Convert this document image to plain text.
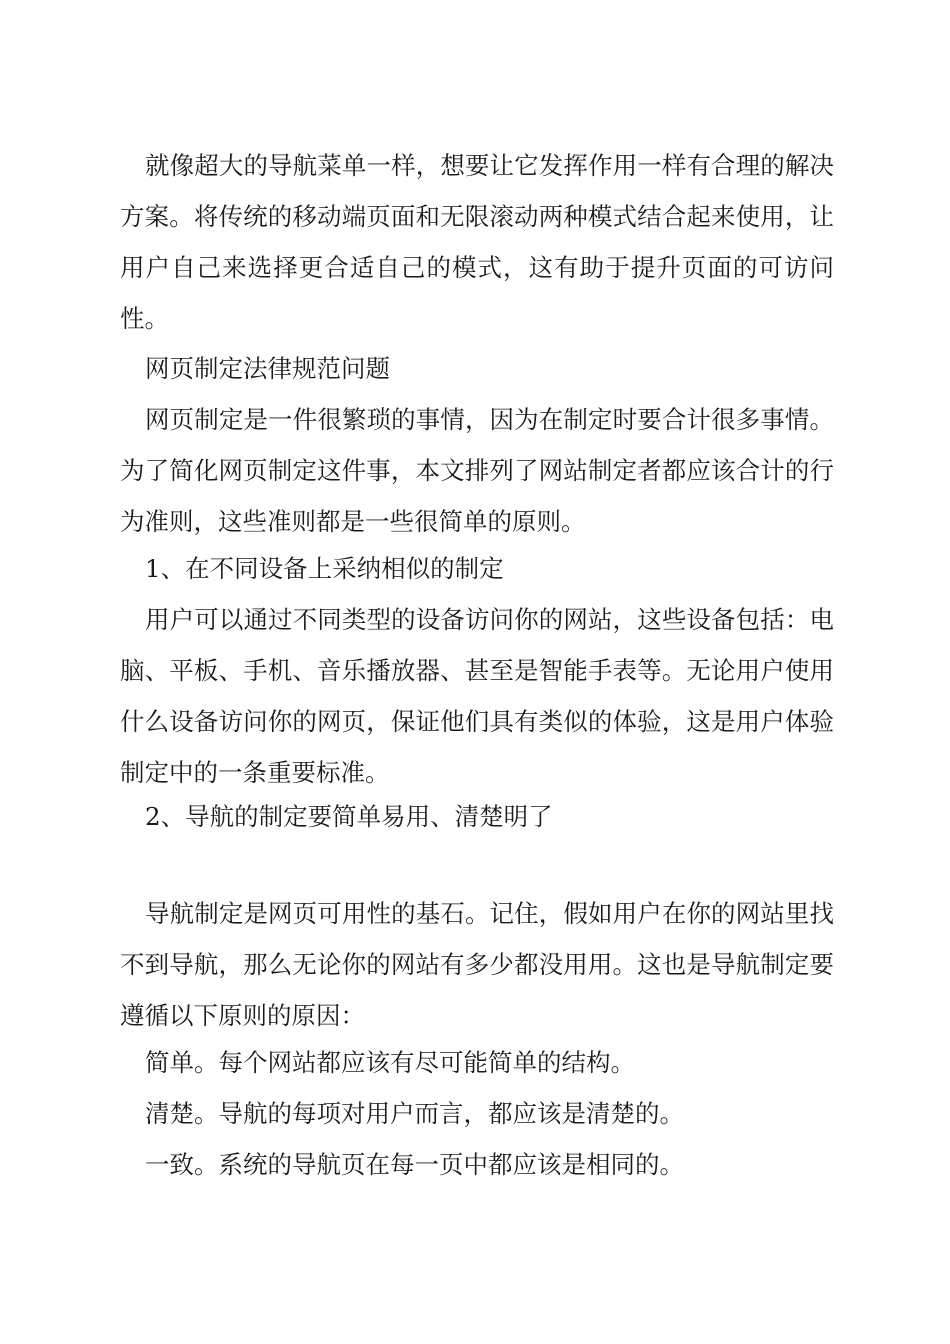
就像超大的导航菜单一样，想要让它发挥作用一样有合理的解决方案。将传统的移动端页面和无限滚动两种模式结合起来使用，让用户自己来选择更合适自己的模式，这有助于提升页面的可访问性。

网页制定法律规范问题

网页制定是一件很繁琐的事情，因为在制定时要合计很多事情。为了简化网页制定这件事，本文排列了网站制定者都应该合计的行为准则，这些准则都是一些很简单的原则。

1、在不同设备上采纳相似的制定

用户可以通过不同类型的设备访问你的网站，这些设备包括：电脑、平板、手机、音乐播放器、甚至是智能手表等。无论用户使用什么设备访问你的网页，保证他们具有类似的体验，这是用户体验制定中的一条重要标准。

2、导航的制定要简单易用、清楚明了

导航制定是网页可用性的基石。记住，假如用户在你的网站里找不到导航，那么无论你的网站有多少都没用用。这也是导航制定要遵循以下原则的原因：

简单。每个网站都应该有尽可能简单的结构。

清楚。导航的每项对用户而言，都应该是清楚的。

一致。系统的导航页在每一页中都应该是相同的。
